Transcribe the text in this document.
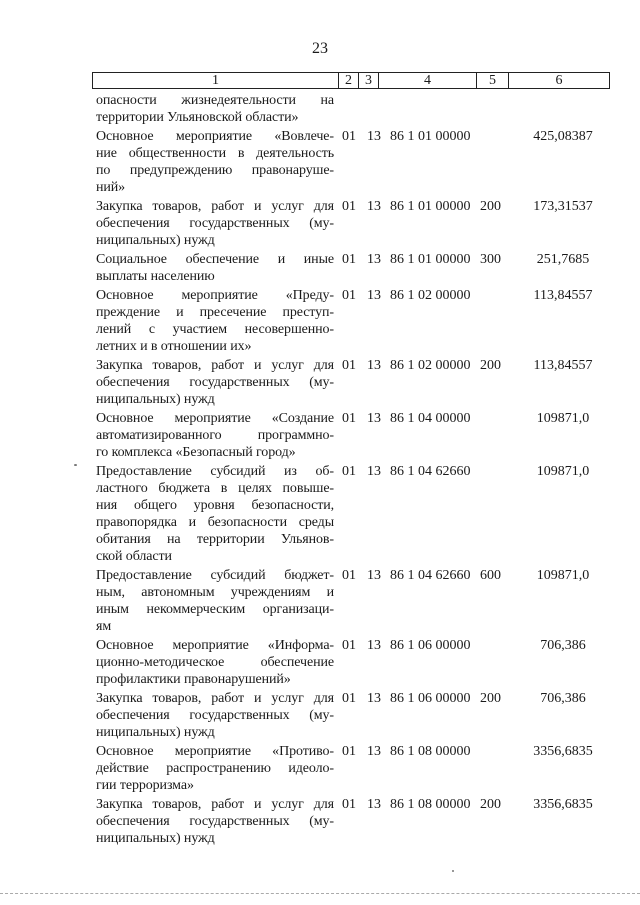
23
1	2 3	4	5	6
опасности жизнедеятельности на
территории Ульяновской области»
Основное мероприятие «Вовлече-
ние общественности в деятельность
по предупреждению правонаруше-
ний»
01 13 86 1 01 00000	425,08387
Закупка товаров, работ и услуг для
обеспечения государственных (му-
ниципальных) нужд
01 13 86 1 01 00000 200	173,31537
Социальное обеспечение и иные
выплаты населению
01 13 86 1 01 00000 300	251,7685
Основное мероприятие «Преду-
преждение и пресечение преступ-
лений с участием несовершенно-
летних и в отношении их»
01 13 86 1 02 00000	113,84557
Закупка товаров, работ и услуг для
обеспечения государственных (му-
ниципальных) нужд
01 13 86 1 02 00000 200	113,84557
Основное мероприятие «Создание
автоматизированного программно-
го комплекса «Безопасный город»
01 13 86 1 04 00000	109871,0
Предоставление субсидий из об-
ластного бюджета в целях повыше-
ния общего уровня безопасности,
правопорядка и безопасности среды
обитания на территории Ульянов-
ской области
01 13 86 1 04 62660	109871,0
Предоставление субсидий бюджет-
ным, автономным учреждениям и
иным некоммерческим организаци-
ям
01 13 86 1 04 62660 600	109871,0
Основное мероприятие «Информа-
ционно-методическое обеспечение
профилактики правонарушений»
01 13 86 1 06 00000	706,386
Закупка товаров, работ и услуг для
обеспечения государственных (му-
ниципальных) нужд
01 13 86 1 06 00000 200	706,386
Основное мероприятие «Противо-
действие распространению идеоло-
гии терроризма»
01 13 86 1 08 00000	3356,6835
Закупка товаров, работ и услуг для
обеспечения государственных (му-
ниципальных) нужд
01 13 86 1 08 00000 200	3356,6835
